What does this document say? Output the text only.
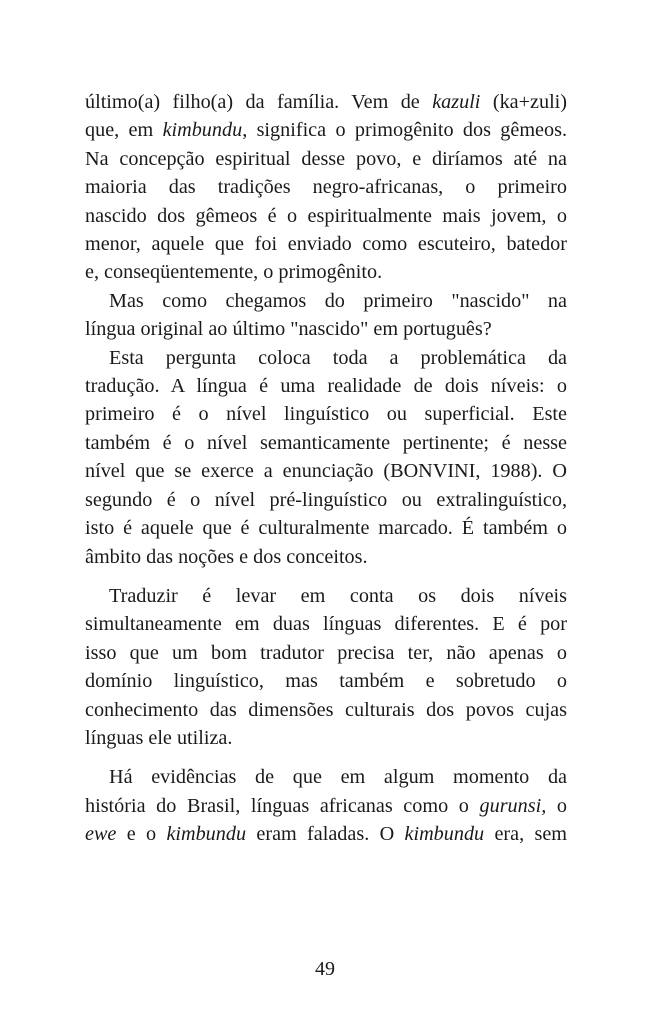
último(a) filho(a) da família. Vem de kazuli (ka+zuli)
que, em kimbundu, significa o primogênito dos gêmeos.
Na concepção espiritual desse povo, e diríamos até na
maioria das tradições negro-africanas, o primeiro
nascido dos gêmeos é o espiritualmente mais jovem, o
menor, aquele que foi enviado como escuteiro, batedor
e, conseqüentemente, o primogênito.

Mas como chegamos do primeiro "nascido" na
língua original ao último "nascido" em português?

Esta pergunta coloca toda a problemática da
tradução. A língua é uma realidade de dois níveis: o
primeiro é o nível linguístico ou superficial. Este
também é o nível semanticamente pertinente; é nesse
nível que se exerce a enunciação (BONVINI, 1988). O
segundo é o nível pré-linguístico ou extralinguístico,
isto é aquele que é culturalmente marcado. É também o
âmbito das noções e dos conceitos.

Traduzir é levar em conta os dois níveis
simultaneamente em duas línguas diferentes. E é por
isso que um bom tradutor precisa ter, não apenas o
domínio linguístico, mas também e sobretudo o
conhecimento das dimensões culturais dos povos cujas
línguas ele utiliza.

Há evidências de que em algum momento da
história do Brasil, línguas africanas como o gurunsi, o
ewe e o kimbundu eram faladas. O kimbundu era, sem

49
